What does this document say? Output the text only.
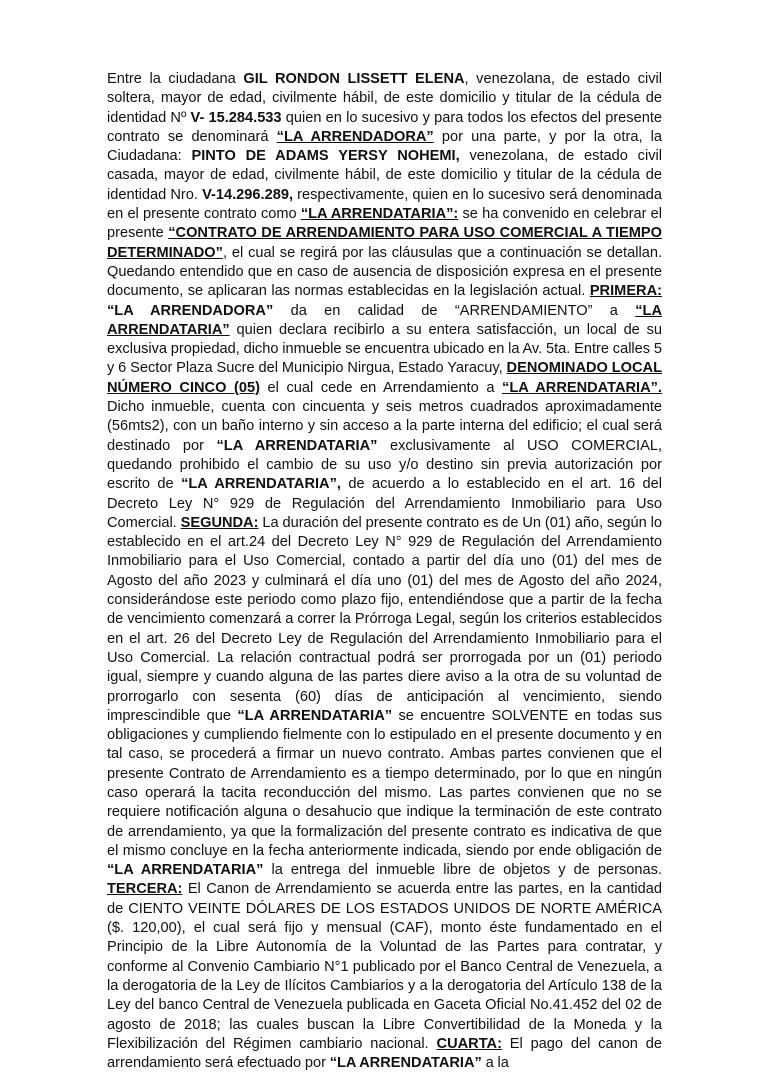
Entre la ciudadana GIL RONDON LISSETT ELENA, venezolana, de estado civil soltera, mayor de edad, civilmente hábil, de este domicilio y titular de la cédula de identidad Nº V- 15.284.533 quien en lo sucesivo y para todos los efectos del presente contrato se denominará “LA ARRENDADORA” por una parte, y por la otra, la Ciudadana: PINTO DE ADAMS YERSY NOHEMI, venezolana, de estado civil casada, mayor de edad, civilmente hábil, de este domicilio y titular de la cédula de identidad Nro. V-14.296.289, respectivamente, quien en lo sucesivo será denominada en el presente contrato como “LA ARRENDATARIA”: se ha convenido en celebrar el presente “CONTRATO DE ARRENDAMIENTO PARA USO COMERCIAL A TIEMPO DETERMINADO”, el cual se regirá por las cláusulas que a continuación se detallan. Quedando entendido que en caso de ausencia de disposición expresa en el presente documento, se aplicaran las normas establecidas en la legislación actual. PRIMERA: “LA ARRENDADORA” da en calidad de “ARRENDAMIENTO” a “LA ARRENDATARIA” quien declara recibirlo a su entera satisfacción, un local de su exclusiva propiedad, dicho inmueble se encuentra ubicado en la Av. 5ta. Entre calles 5 y 6 Sector Plaza Sucre del Municipio Nirgua, Estado Yaracuy, DENOMINADO LOCAL NÚMERO CINCO (05) el cual cede en Arrendamiento a “LA ARRENDATARIA”. Dicho inmueble, cuenta con cincuenta y seis metros cuadrados aproximadamente (56mts2), con un baño interno y sin acceso a la parte interna del edificio; el cual será destinado por “LA ARRENDATARIA” exclusivamente al USO COMERCIAL, quedando prohibido el cambio de su uso y/o destino sin previa autorización por escrito de “LA ARRENDATARIA”, de acuerdo a lo establecido en el art. 16 del Decreto Ley N° 929 de Regulación del Arrendamiento Inmobiliario para Uso Comercial. SEGUNDA: La duración del presente contrato es de Un (01) año, según lo establecido en el art.24 del Decreto Ley N° 929 de Regulación del Arrendamiento Inmobiliario para el Uso Comercial, contado a partir del día uno (01) del mes de Agosto del año 2023 y culminará el día uno (01) del mes de Agosto del año 2024, considerándose este periodo como plazo fijo, entendiéndose que a partir de la fecha de vencimiento comenzará a correr la Prórroga Legal, según los criterios establecidos en el art. 26 del Decreto Ley de Regulación del Arrendamiento Inmobiliario para el Uso Comercial. La relación contractual podrá ser prorrogada por un (01) periodo igual, siempre y cuando alguna de las partes diere aviso a la otra de su voluntad de prorrogarlo con sesenta (60) días de anticipación al vencimiento, siendo imprescindible que “LA ARRENDATARIA” se encuentre SOLVENTE en todas sus obligaciones y cumpliendo fielmente con lo estipulado en el presente documento y en tal caso, se procederá a firmar un nuevo contrato. Ambas partes convienen que el presente Contrato de Arrendamiento es a tiempo determinado, por lo que en ningún caso operará la tacita reconducción del mismo. Las partes convienen que no se requiere notificación alguna o desahucio que indique la terminación de este contrato de arrendamiento, ya que la formalización del presente contrato es indicativa de que el mismo concluye en la fecha anteriormente indicada, siendo por ende obligación de “LA ARRENDATARIA” la entrega del inmueble libre de objetos y de personas. TERCERA: El Canon de Arrendamiento se acuerda entre las partes, en la cantidad de CIENTO VEINTE DÓLARES DE LOS ESTADOS UNIDOS DE NORTE AMÉRICA ($. 120,00), el cual será fijo y mensual (CAF), monto éste fundamentado en el Principio de la Libre Autonomía de la Voluntad de las Partes para contratar, y conforme al Convenio Cambiario N°1 publicado por el Banco Central de Venezuela, a la derogatoria de la Ley de Ilícitos Cambiarios y a la derogatoria del Artículo 138 de la Ley del banco Central de Venezuela publicada en Gaceta Oficial No.41.452 del 02 de agosto de 2018; las cuales buscan la Libre Convertibilidad de la Moneda y la Flexibilización del Régimen cambiario nacional. CUARTA: El pago del canon de arrendamiento será efectuado por “LA ARRENDATARIA” a la
